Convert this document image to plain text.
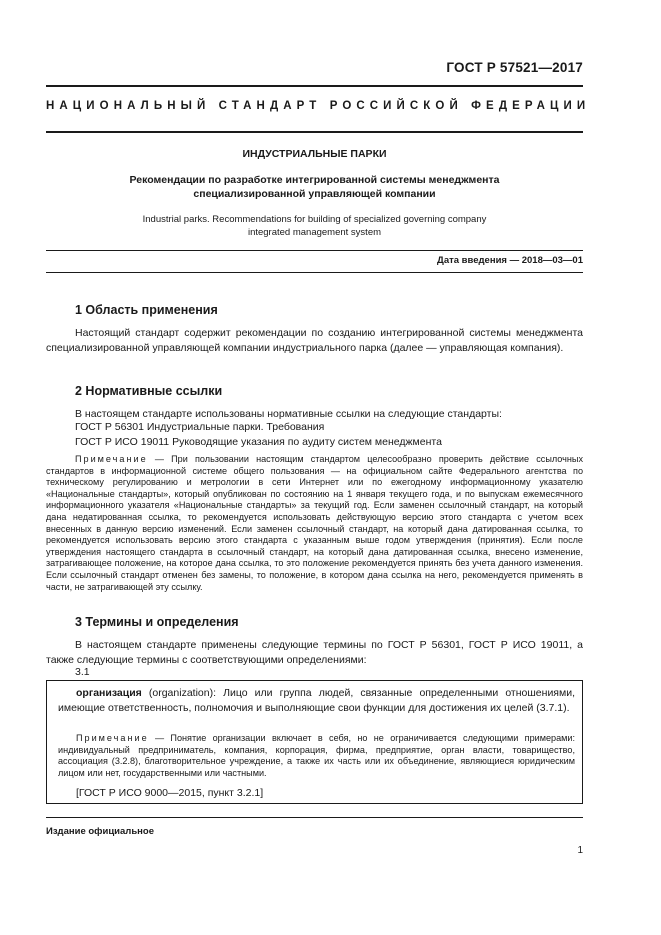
ГОСТ Р 57521—2017
НАЦИОНАЛЬНЫЙ СТАНДАРТ РОССИЙСКОЙ ФЕДЕРАЦИИ
ИНДУСТРИАЛЬНЫЕ ПАРКИ
Рекомендации по разработке интегрированной системы менеджмента
специализированной управляющей компании
Industrial parks. Recommendations for building of specialized governing company
integrated management system
Дата введения — 2018—03—01
1 Область применения

Настоящий стандарт содержит рекомендации по созданию интегрированной системы менеджмента специализированной управляющей компании индустриального парка (далее — управляющая компания).

2 Нормативные ссылки

В настоящем стандарте использованы нормативные ссылки на следующие стандарты:

ГОСТ Р 56301 Индустриальные парки. Требования
ГОСТ Р ИСО 19011 Руководящие указания по аудиту систем менеджмента

Примечание — При пользовании настоящим стандартом целесообразно проверить действие ссылочных стандартов в информационной системе общего пользования — на официальном сайте Федерального агентства по техническому регулированию и метрологии в сети Интернет или по ежегодному информационному указателю «Национальные стандарты», который опубликован по состоянию на 1 января текущего года, и по выпускам ежемесячного информационного указателя «Национальные стандарты» за текущий год. Если заменен ссылочный стандарт, на который дана недатированная ссылка, то рекомендуется использовать действующую версию этого стандарта с учетом всех внесенных в данную версию изменений. Если заменен ссылочный стандарт, на который дана датированная ссылка, то рекомендуется использовать версию этого стандарта с указанным выше годом утверждения (принятия). Если после утверждения настоящего стандарта в ссылочный стандарт, на который дана датированная ссылка, внесено изменение, затрагивающее положение, на которое дана ссылка, то это положение рекомендуется принять без учета данного изменения. Если ссылочный стандарт отменен без замены, то положение, в котором дана ссылка на него, рекомендуется применять в части, не затрагивающей эту ссылку.

3 Термины и определения

В настоящем стандарте применены следующие термины по ГОСТ Р 56301, ГОСТ Р ИСО 19011, а также следующие термины с соответствующими определениями:

3.1

организация (organization): Лицо или группа людей, связанные определенными отношениями, имеющие ответственность, полномочия и выполняющие свои функции для достижения их целей (3.7.1).

Примечание — Понятие организации включает в себя, но не ограничивается следующими примерами: индивидуальный предприниматель, компания, корпорация, фирма, предприятие, орган власти, товарищество, ассоциация (3.2.8), благотворительное учреждение, а также их часть или их объединение, являющиеся юридическим лицом или нет, государственными или частными.

[ГОСТ Р ИСО 9000—2015, пункт 3.2.1]
Издание официальное
1
